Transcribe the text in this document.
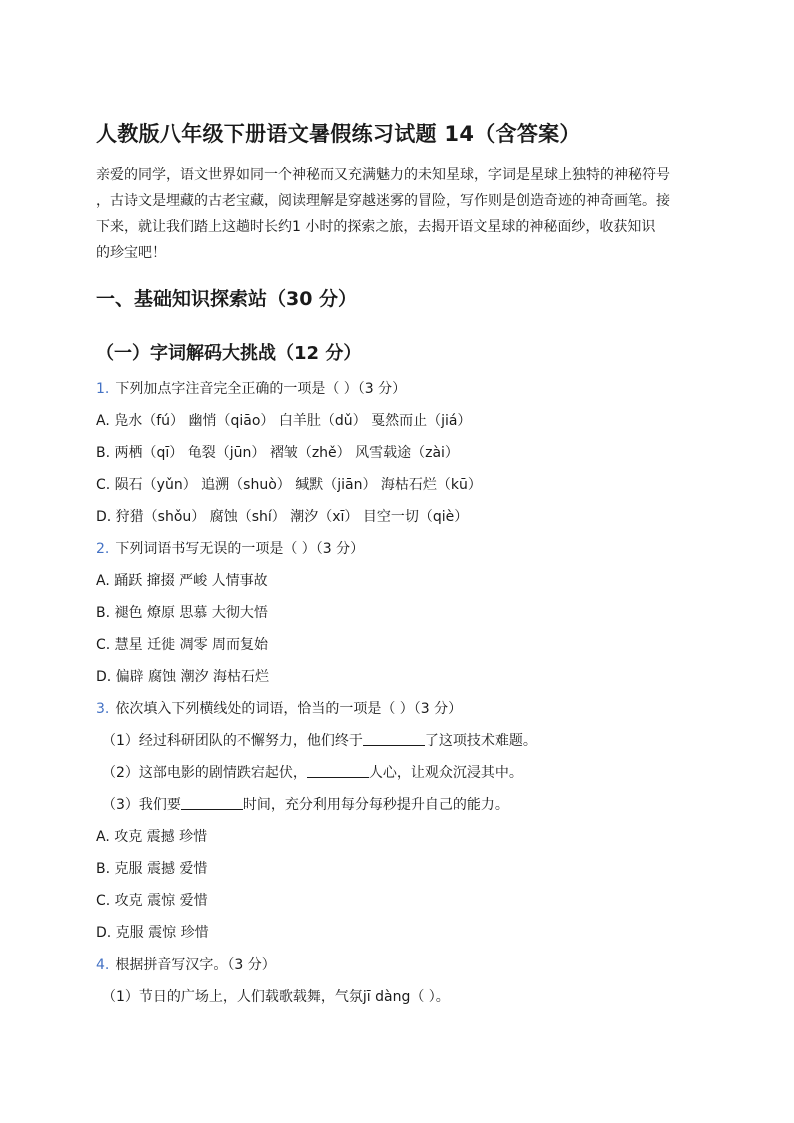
人教版八年级下册语文暑假练习试题 14（含答案）

亲爱的同学，语文世界如同一个神秘而又充满魅力的未知星球，字词是星球上独特的神秘符号

，古诗文是埋藏的古老宝藏，阅读理解是穿越迷雾的冒险，写作则是创造奇迹的神奇画笔。接

下来，就让我们踏上这趟时长约1 小时的探索之旅，去揭开语文星球的神秘面纱，收获知识

的珍宝吧！

一、基础知识探索站（30 分）
（一）字词解码大挑战（12 分）
1. 下列加点字注音完全正确的一项是（ ）（3 分）
A. 凫水（fú） 幽悄（qiāo） 白羊肚（dǔ） 戛然而止（jiá）
B. 两栖（qī） 龟裂（jūn） 褶皱（zhě） 风雪载途（zài）
C. 陨石（yǔn） 追溯（shuò） 缄默（jiān） 海枯石烂（kū）
D. 狩猎（shǒu） 腐蚀（shí） 潮汐（xī） 目空一切（qiè）
2. 下列词语书写无误的一项是（ ）（3 分）
A. 踊跃 撺掇 严峻 人情事故
B. 褪色 燎原 思慕 大彻大悟
C. 慧星 迁徙 凋零 周而复始
D. 偏辟 腐蚀 潮汐 海枯石烂
3. 依次填入下列横线处的词语，恰当的一项是（ ）（3 分）
（1）经过科研团队的不懈努力，他们终于	了这项技术难题。
（2）这部电影的剧情跌宕起伏，	人心，让观众沉浸其中。
（3）我们要	时间，充分利用每分每秒提升自己的能力。
A. 攻克 震撼 珍惜
B. 克服 震撼 爱惜
C. 攻克 震惊 爱惜
D. 克服 震惊 珍惜
4. 根据拼音写汉字。（3 分）
（1）节日的广场上，人们载歌载舞，气氛jī dàng（ ）。
